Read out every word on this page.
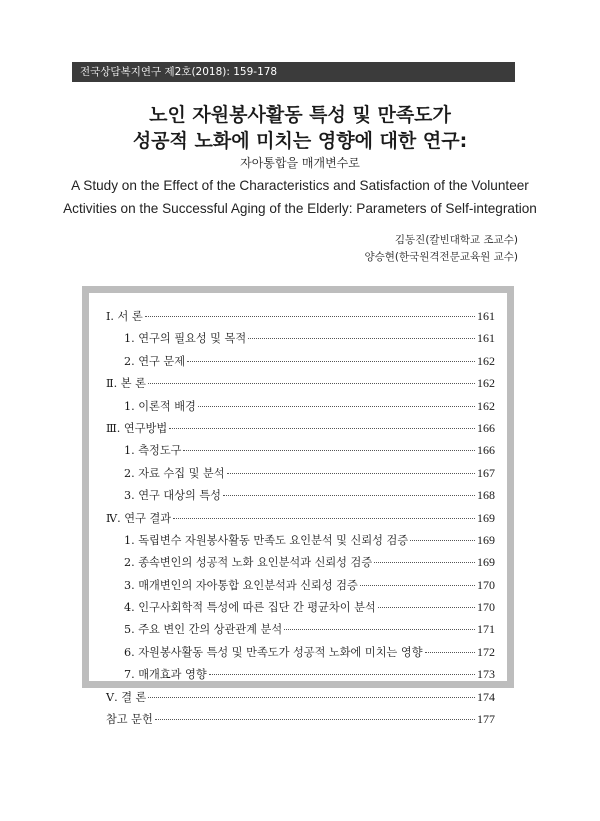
전국상담복지연구 제2호(2018): 159-178
노인 자원봉사활동 특성 및 만족도가
성공적 노화에 미치는 영향에 대한 연구:
자아통합을 매개변수로
A Study on the Effect of the Characteristics and Satisfaction of the Volunteer
Activities on the Successful Aging of the Elderly: Parameters of Self-integration
김동진(칼빈대학교 조교수)
양승현(한국원격전문교육원 교수)
Ⅰ. 서 론	161
1. 연구의 필요성 및 목적	161
2. 연구 문제	162
Ⅱ. 본 론	162
1. 이론적 배경	162
Ⅲ. 연구방법	166
1. 측정도구	166
2. 자료 수집 및 분석	167
3. 연구 대상의 특성	168
Ⅳ. 연구 결과	169
1. 독립변수 자원봉사활동 만족도 요인분석 및 신뢰성 검증	169
2. 종속변인의 성공적 노화 요인분석과 신뢰성 검증	169
3. 매개변인의 자아통합 요인분석과 신뢰성 검증	170
4. 인구사회학적 특성에 따른 집단 간 평균차이 분석	170
5. 주요 변인 간의 상관관계 분석	171
6. 자원봉사활동 특성 및 만족도가 성공적 노화에 미치는 영향	172
7. 매개효과 영향	173
Ⅴ. 결 론	174
참고 문헌	177
